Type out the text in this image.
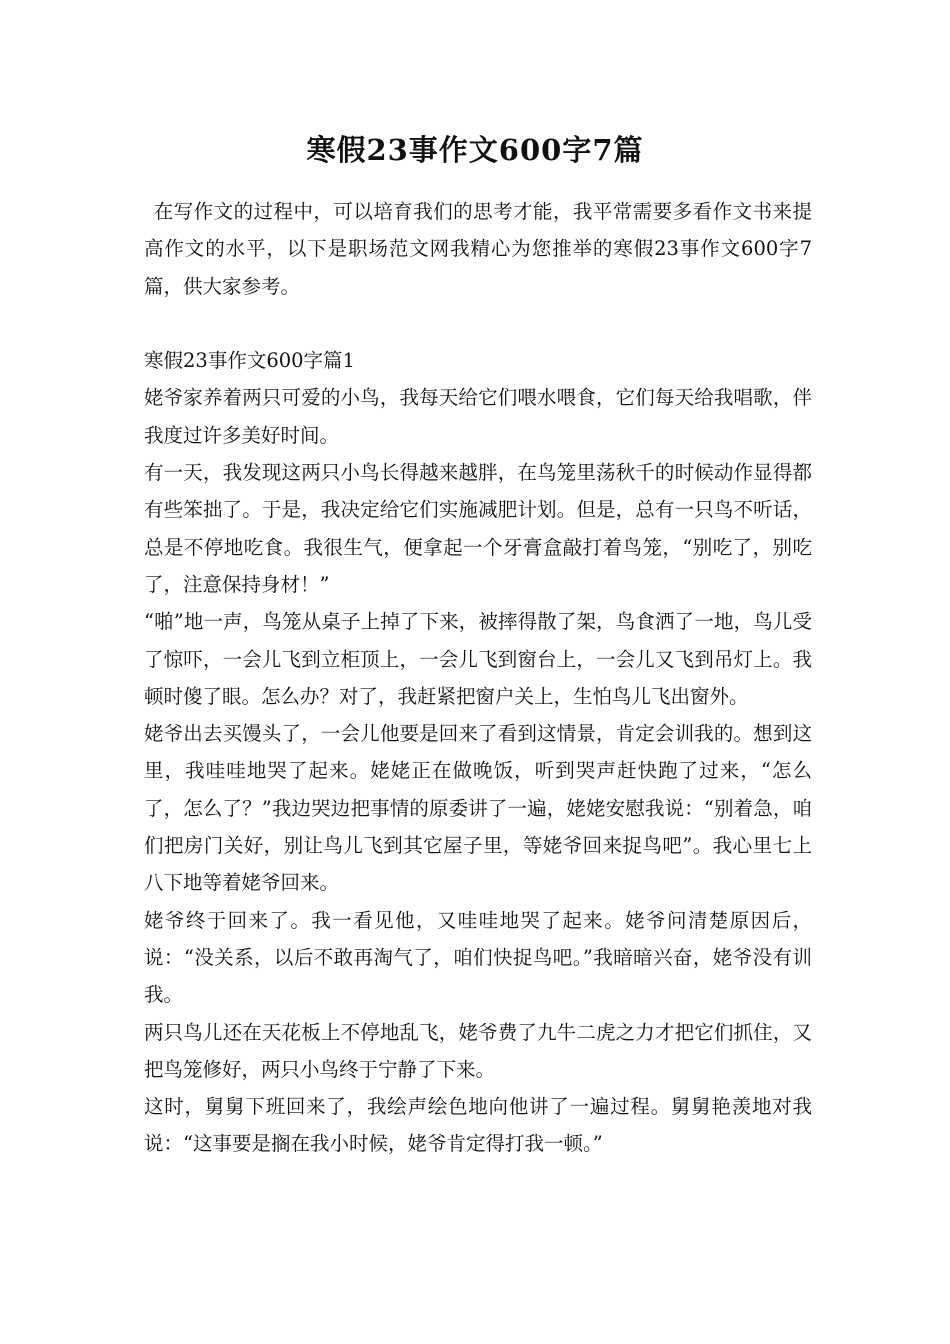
寒假23事作文600字7篇

在写作文的过程中，可以培育我们的思考才能，我平常需要多看作文书来提高作文的水平，以下是职场范文网我精心为您推举的寒假23事作文600字7篇，供大家参考。

寒假23事作文600字篇1

姥爷家养着两只可爱的小鸟，我每天给它们喂水喂食，它们每天给我唱歌，伴我度过许多美好时间。

有一天，我发现这两只小鸟长得越来越胖，在鸟笼里荡秋千的时候动作显得都有些笨拙了。于是，我决定给它们实施减肥计划。但是，总有一只鸟不听话，总是不停地吃食。我很生气，便拿起一个牙膏盒敲打着鸟笼，“别吃了，别吃了，注意保持身材！”

“啪”地一声，鸟笼从桌子上掉了下来，被摔得散了架，鸟食洒了一地，鸟儿受了惊吓，一会儿飞到立柜顶上，一会儿飞到窗台上，一会儿又飞到吊灯上。我顿时傻了眼。怎么办？对了，我赶紧把窗户关上，生怕鸟儿飞出窗外。

姥爷出去买馒头了，一会儿他要是回来了看到这情景，肯定会训我的。想到这里，我哇哇地哭了起来。姥姥正在做晚饭，听到哭声赶快跑了过来，“怎么了，怎么了？”我边哭边把事情的原委讲了一遍，姥姥安慰我说：“别着急，咱们把房门关好，别让鸟儿飞到其它屋子里，等姥爷回来捉鸟吧”。我心里七上八下地等着姥爷回来。

姥爷终于回来了。我一看见他，又哇哇地哭了起来。姥爷问清楚原因后，说：“没关系，以后不敢再淘气了，咱们快捉鸟吧。”我暗暗兴奋，姥爷没有训我。

两只鸟儿还在天花板上不停地乱飞，姥爷费了九牛二虎之力才把它们抓住，又把鸟笼修好，两只小鸟终于宁静了下来。

这时，舅舅下班回来了，我绘声绘色地向他讲了一遍过程。舅舅艳羡地对我说：“这事要是搁在我小时候，姥爷肯定得打我一顿。”
